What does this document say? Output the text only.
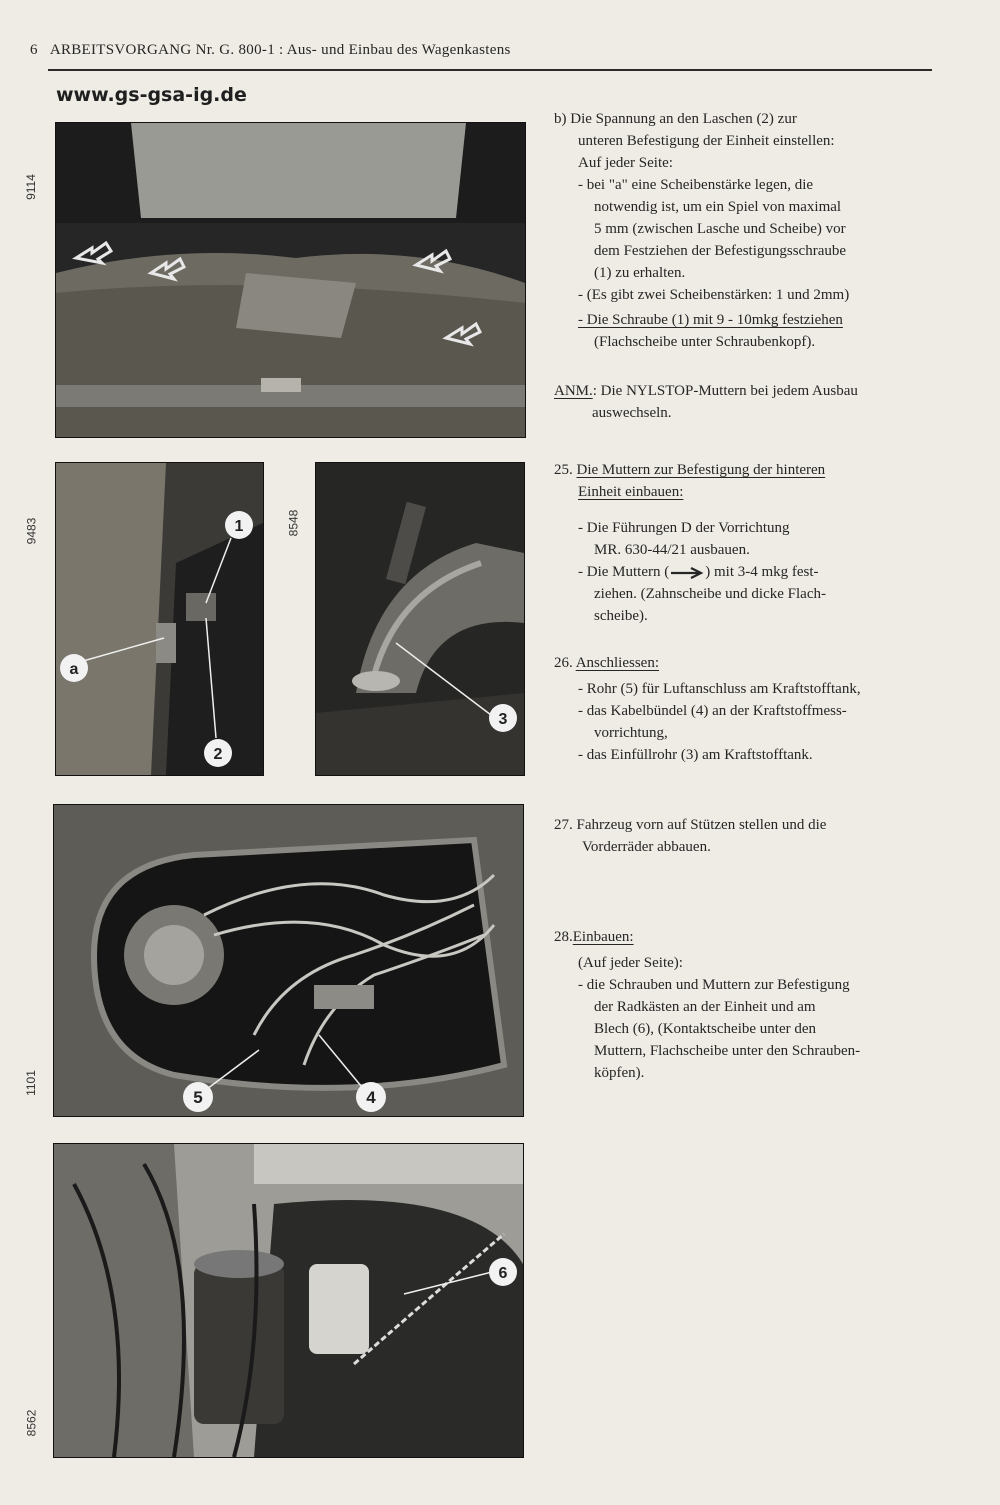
6 ARBEITSVORGANG Nr. G. 800-1 : Aus- und Einbau des Wagenkastens
www.gs-gsa-ig.de
9114
9483	1
a
2
8548
3
1101
5	4
8562
6
b) Die Spannung an den Laschen (2) zur
unteren Befestigung der Einheit einstellen:
Auf jeder Seite:
- bei "a" eine Scheibenstärke legen, die
notwendig ist, um ein Spiel von maximal
5 mm (zwischen Lasche und Scheibe) vor
dem Festziehen der Befestigungsschraube
(1) zu erhalten.
- (Es gibt zwei Scheibenstärken: 1 und 2mm)
- Die Schraube (1) mit 9 - 10mkg festziehen
(Flachscheibe unter Schraubenkopf).
ANM.: Die NYLSTOP-Muttern bei jedem Ausbau
auswechseln.
25. Die Muttern zur Befestigung der hinteren
Einheit einbauen:
- Die Führungen D der Vorrichtung
MR. 630-44/21 ausbauen.
- Die Muttern ( ) mit 3-4 mkg fest-
ziehen. (Zahnscheibe und dicke Flach-
scheibe).
26. Anschliessen:
- Rohr (5) für Luftanschluss am Kraftstofftank,
- das Kabelbündel (4) an der Kraftstoffmess-
vorrichtung,
- das Einfüllrohr (3) am Kraftstofftank.
27. Fahrzeug vorn auf Stützen stellen und die
Vorderräder abbauen.
28.Einbauen:
(Auf jeder Seite):
- die Schrauben und Muttern zur Befestigung
der Radkästen an der Einheit und am
Blech (6), (Kontaktscheibe unter den
Muttern, Flachscheibe unter den Schrauben-
köpfen).
